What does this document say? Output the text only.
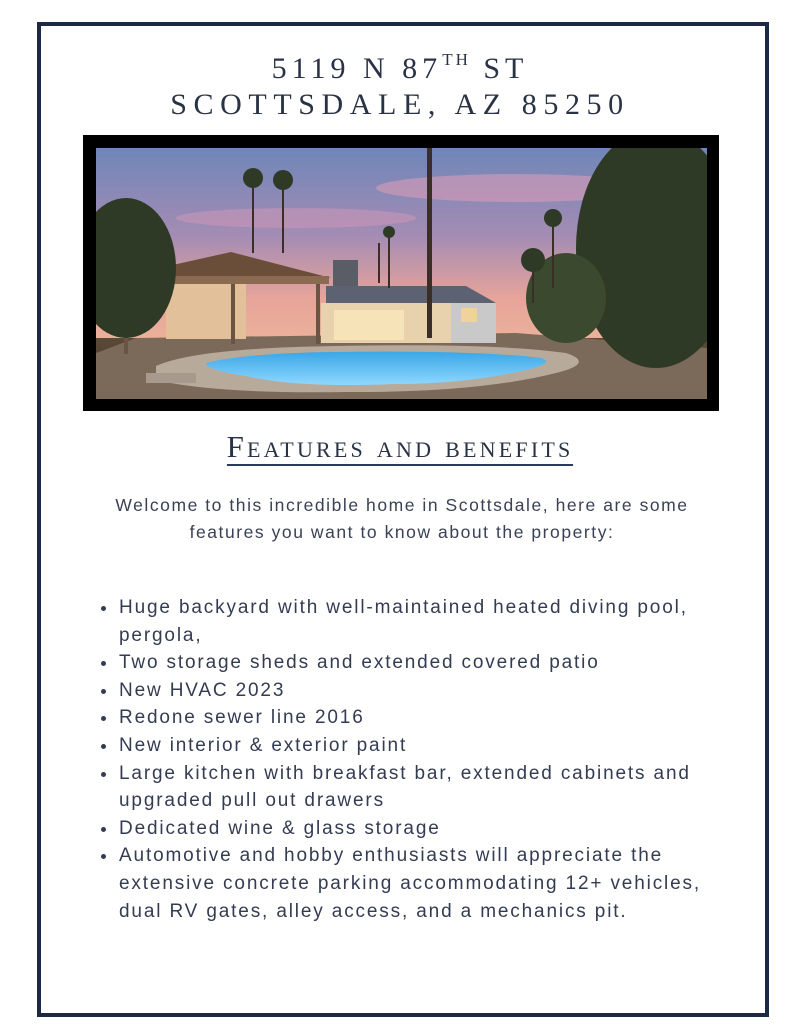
5119 N 87TH ST
SCOTTSDALE, AZ 85250
Features and benefits
Welcome to this incredible home in Scottsdale, here are some features you want to know about the property:
Huge backyard with well-maintained heated diving pool, pergola,
Two storage sheds and extended covered patio
New HVAC 2023
Redone sewer line 2016
New interior & exterior paint
Large kitchen with breakfast bar, extended cabinets and upgraded pull out drawers
Dedicated wine & glass storage
Automotive and hobby enthusiasts will appreciate the extensive concrete parking accommodating 12+ vehicles, dual RV gates, alley access, and a mechanics pit.
